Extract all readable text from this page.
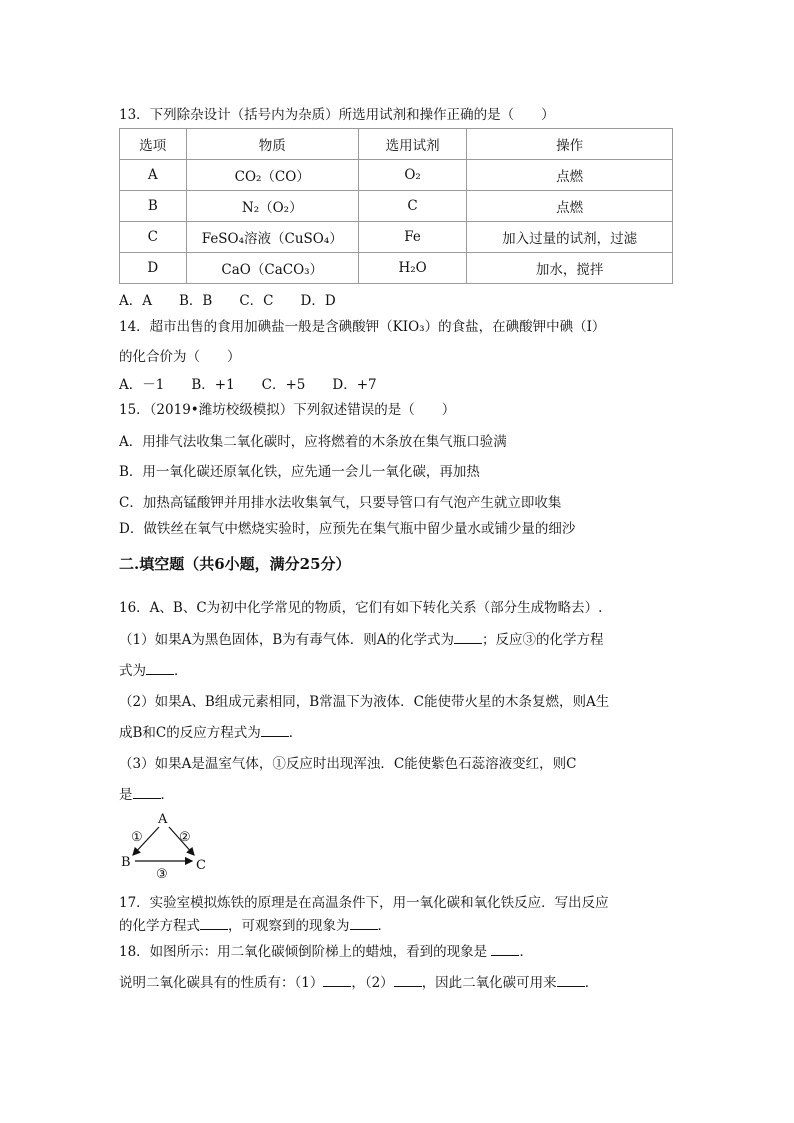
13．下列除杂设计（括号内为杂质）所选用试剂和操作正确的是（　　）
选项	物质	选用试剂	操作
A	CO₂（CO）	O₂	点燃
B	N₂（O₂）	C	点燃
C	FeSO₄溶液（CuSO₄）	Fe	加入过量的试剂，过滤
D	CaO（CaCO₃）	H₂O	加水，搅拌
A．A　　B．B　　C．C　　D．D
14．超市出售的食用加碘盐一般是含碘酸钾（KIO₃）的食盐，在碘酸钾中碘（I）
的化合价为（　　）
A．－1　　B．+1　　C．+5　　D．+7
15．（2019•潍坊校级模拟）下列叙述错误的是（　　）
A．用排气法收集二氧化碳时，应将燃着的木条放在集气瓶口验满
B．用一氧化碳还原氧化铁，应先通一会儿一氧化碳，再加热
C．加热高锰酸钾并用排水法收集氧气，只要导管口有气泡产生就立即收集
D．做铁丝在氧气中燃烧实验时，应预先在集气瓶中留少量水或铺少量的细沙
二.填空题（共6小题，满分25分）
16．A、B、C为初中化学常见的物质，它们有如下转化关系（部分生成物略去）.
（1）如果A为黑色固体，B为有毒气体．则A的化学式为 ；反应③的化学方程
式为 ．
（2）如果A、B组成元素相同，B常温下为液体．C能使带火星的木条复燃，则A生
成B和C的反应方程式为 ．
（3）如果A是温室气体，①反应时出现浑浊．C能使紫色石蕊溶液变红，则C
是 ．
A
B	C
①	②
③
17．实验室模拟炼铁的原理是在高温条件下，用一氧化碳和氧化铁反应．写出反应
的化学方程式 ，可观察到的现象为 ．
18．如图所示：用二氧化碳倾倒阶梯上的蜡烛，看到的现象是 ．
说明二氧化碳具有的性质有：（1） ，（2） ，因此二氧化碳可用来 ．
